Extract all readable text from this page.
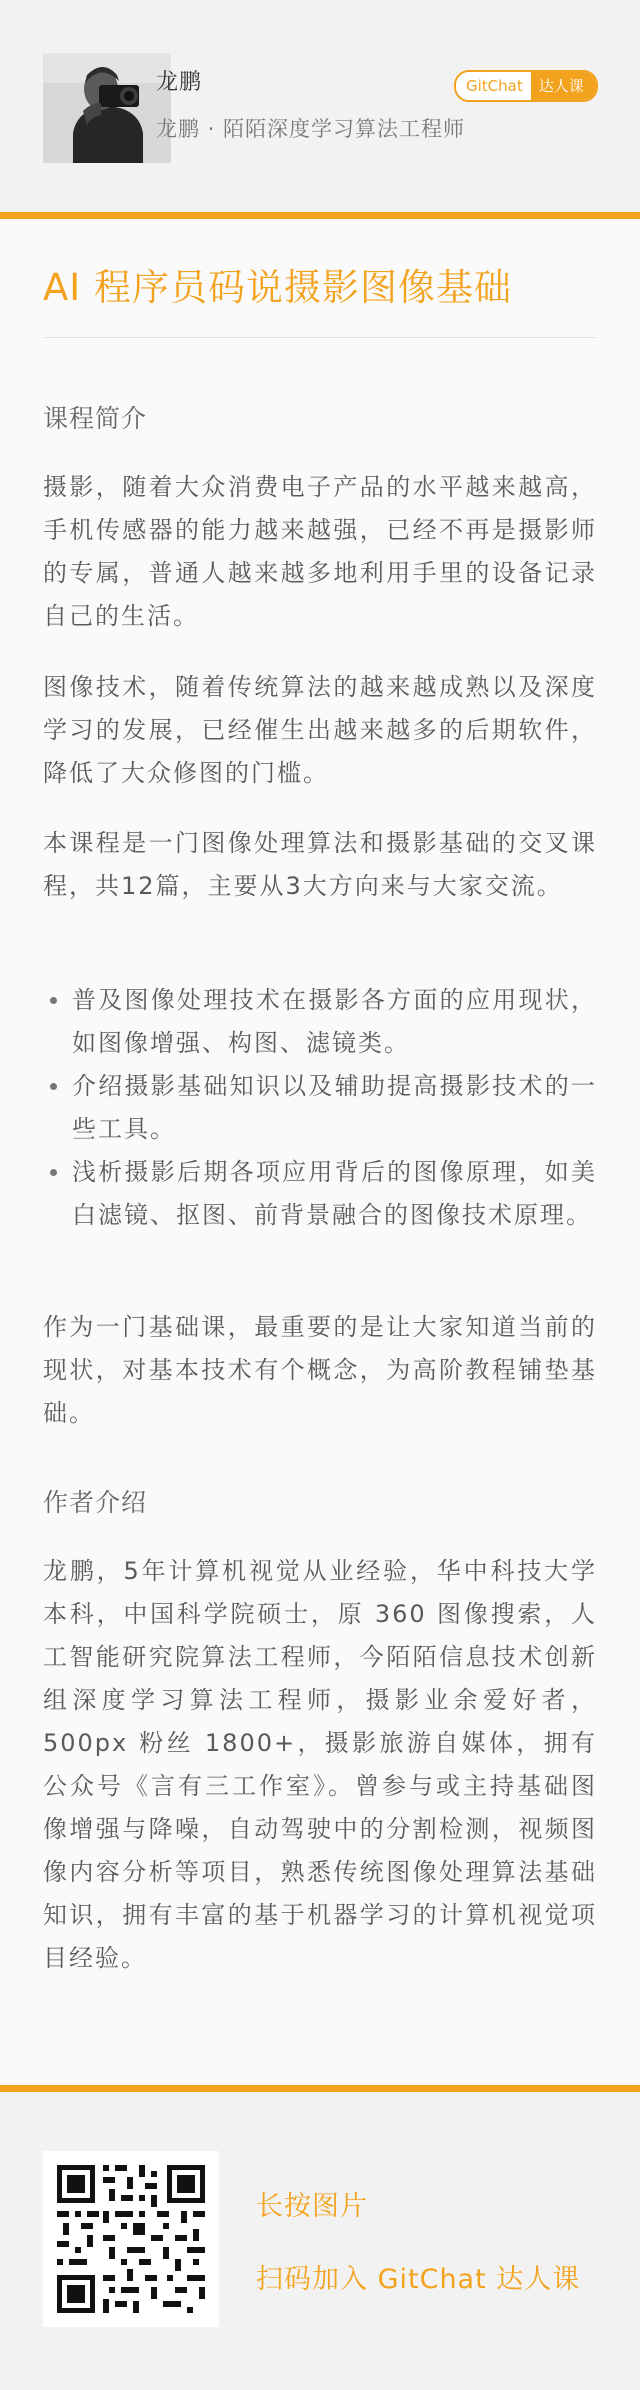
龙鹏
龙鹏 · 陌陌深度学习算法工程师
GitChat	达人课
AI 程序员码说摄影图像基础
课程简介

摄影，随着大众消费电子产品的水平越来越高，手机传感器的能力越来越强，已经不再是摄影师的专属，普通人越来越多地利用手里的设备记录自己的生活。

图像技术，随着传统算法的越来越成熟以及深度学习的发展，已经催生出越来越多的后期软件，降低了大众修图的门槛。

本课程是一门图像处理算法和摄影基础的交叉课程，共12篇，主要从3大方向来与大家交流。

普及图像处理技术在摄影各方面的应用现状，如图像增强、构图、滤镜类。
介绍摄影基础知识以及辅助提高摄影技术的一些工具。
浅析摄影后期各项应用背后的图像原理，如美白滤镜、抠图、前背景融合的图像技术原理。

作为一门基础课，最重要的是让大家知道当前的现状，对基本技术有个概念，为高阶教程铺垫基础。

作者介绍

龙鹏，5年计算机视觉从业经验，华中科技大学本科，中国科学院硕士，原 360 图像搜索，人工智能研究院算法工程师，今陌陌信息技术创新组深度学习算法工程师，摄影业余爱好者，500px 粉丝 1800+，摄影旅游自媒体，拥有公众号《言有三工作室》。曾参与或主持基础图像增强与降噪，自动驾驶中的分割检测，视频图像内容分析等项目，熟悉传统图像处理算法基础知识，拥有丰富的基于机器学习的计算机视觉项目经验。

长按图片
扫码加入 GitChat 达人课
